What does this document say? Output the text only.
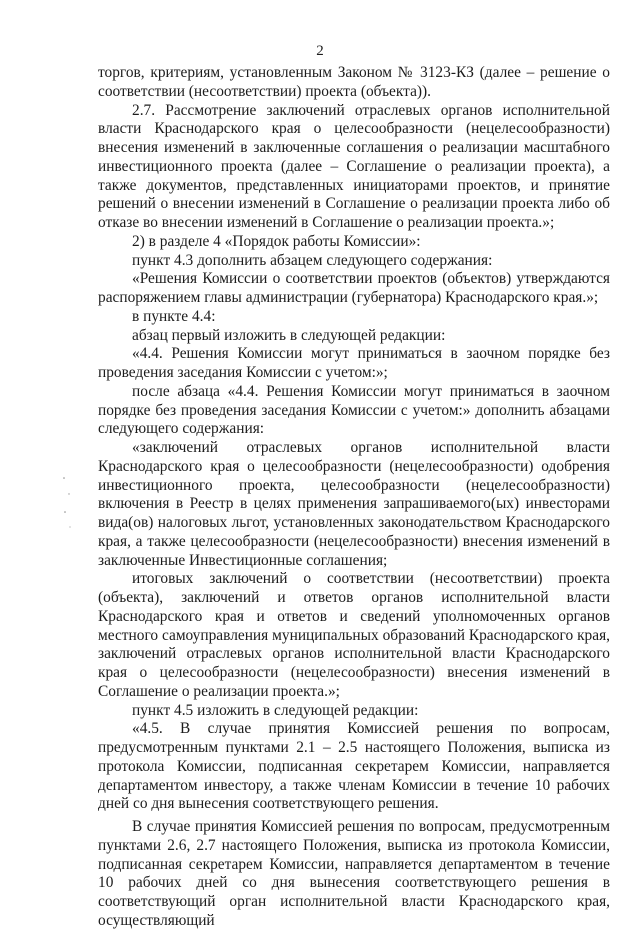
2

торгов, критериям, установленным Законом № 3123-КЗ (далее – решение о соответствии (несоответствии) проекта (объекта)).

2.7. Рассмотрение заключений отраслевых органов исполнительной власти Краснодарского края о целесообразности (нецелесообразности) внесения изменений в заключенные соглашения о реализации масштабного инвестиционного проекта (далее – Соглашение о реализации проекта), а также документов, представленных инициаторами проектов, и принятие решений о внесении изменений в Соглашение о реализации проекта либо об отказе во внесении изменений в Соглашение о реализации проекта.»;

2) в разделе 4 «Порядок работы Комиссии»:

пункт 4.3 дополнить абзацем следующего содержания:

«Решения Комиссии о соответствии проектов (объектов) утверждаются распоряжением главы администрации (губернатора) Краснодарского края.»;

в пункте 4.4:

абзац первый изложить в следующей редакции:

«4.4. Решения Комиссии могут приниматься в заочном порядке без проведения заседания Комиссии с учетом:»;

после абзаца «4.4. Решения Комиссии могут приниматься в заочном порядке без проведения заседания Комиссии с учетом:» дополнить абзацами следующего содержания:

«заключений отраслевых органов исполнительной власти Краснодарского края о целесообразности (нецелесообразности) одобрения инвестиционного проекта, целесообразности (нецелесообразности) включения в Реестр в целях применения запрашиваемого(ых) инвесторами вида(ов) налоговых льгот, установленных законодательством Краснодарского края, а также целесообразности (нецелесообразности) внесения изменений в заключенные Инвестиционные соглашения;

итоговых заключений о соответствии (несоответствии) проекта (объекта), заключений и ответов органов исполнительной власти Краснодарского края и ответов и сведений уполномоченных органов местного самоуправления муниципальных образований Краснодарского края, заключений отраслевых органов исполнительной власти Краснодарского края о целесообразности (нецелесообразности) внесения изменений в Соглашение о реализации проекта.»;

пункт 4.5 изложить в следующей редакции:

«4.5. В случае принятия Комиссией решения по вопросам, предусмотренным пунктами 2.1 – 2.5 настоящего Положения, выписка из протокола Комиссии, подписанная секретарем Комиссии, направляется департаментом инвестору, а также членам Комиссии в течение 10 рабочих дней со дня вынесения соответствующего решения.

В случае принятия Комиссией решения по вопросам, предусмотренным пунктами 2.6, 2.7 настоящего Положения, выписка из протокола Комиссии, подписанная секретарем Комиссии, направляется департаментом в течение 10 рабочих дней со дня вынесения соответствующего решения в соответствующий орган исполнительной власти Краснодарского края, осуществляющий
